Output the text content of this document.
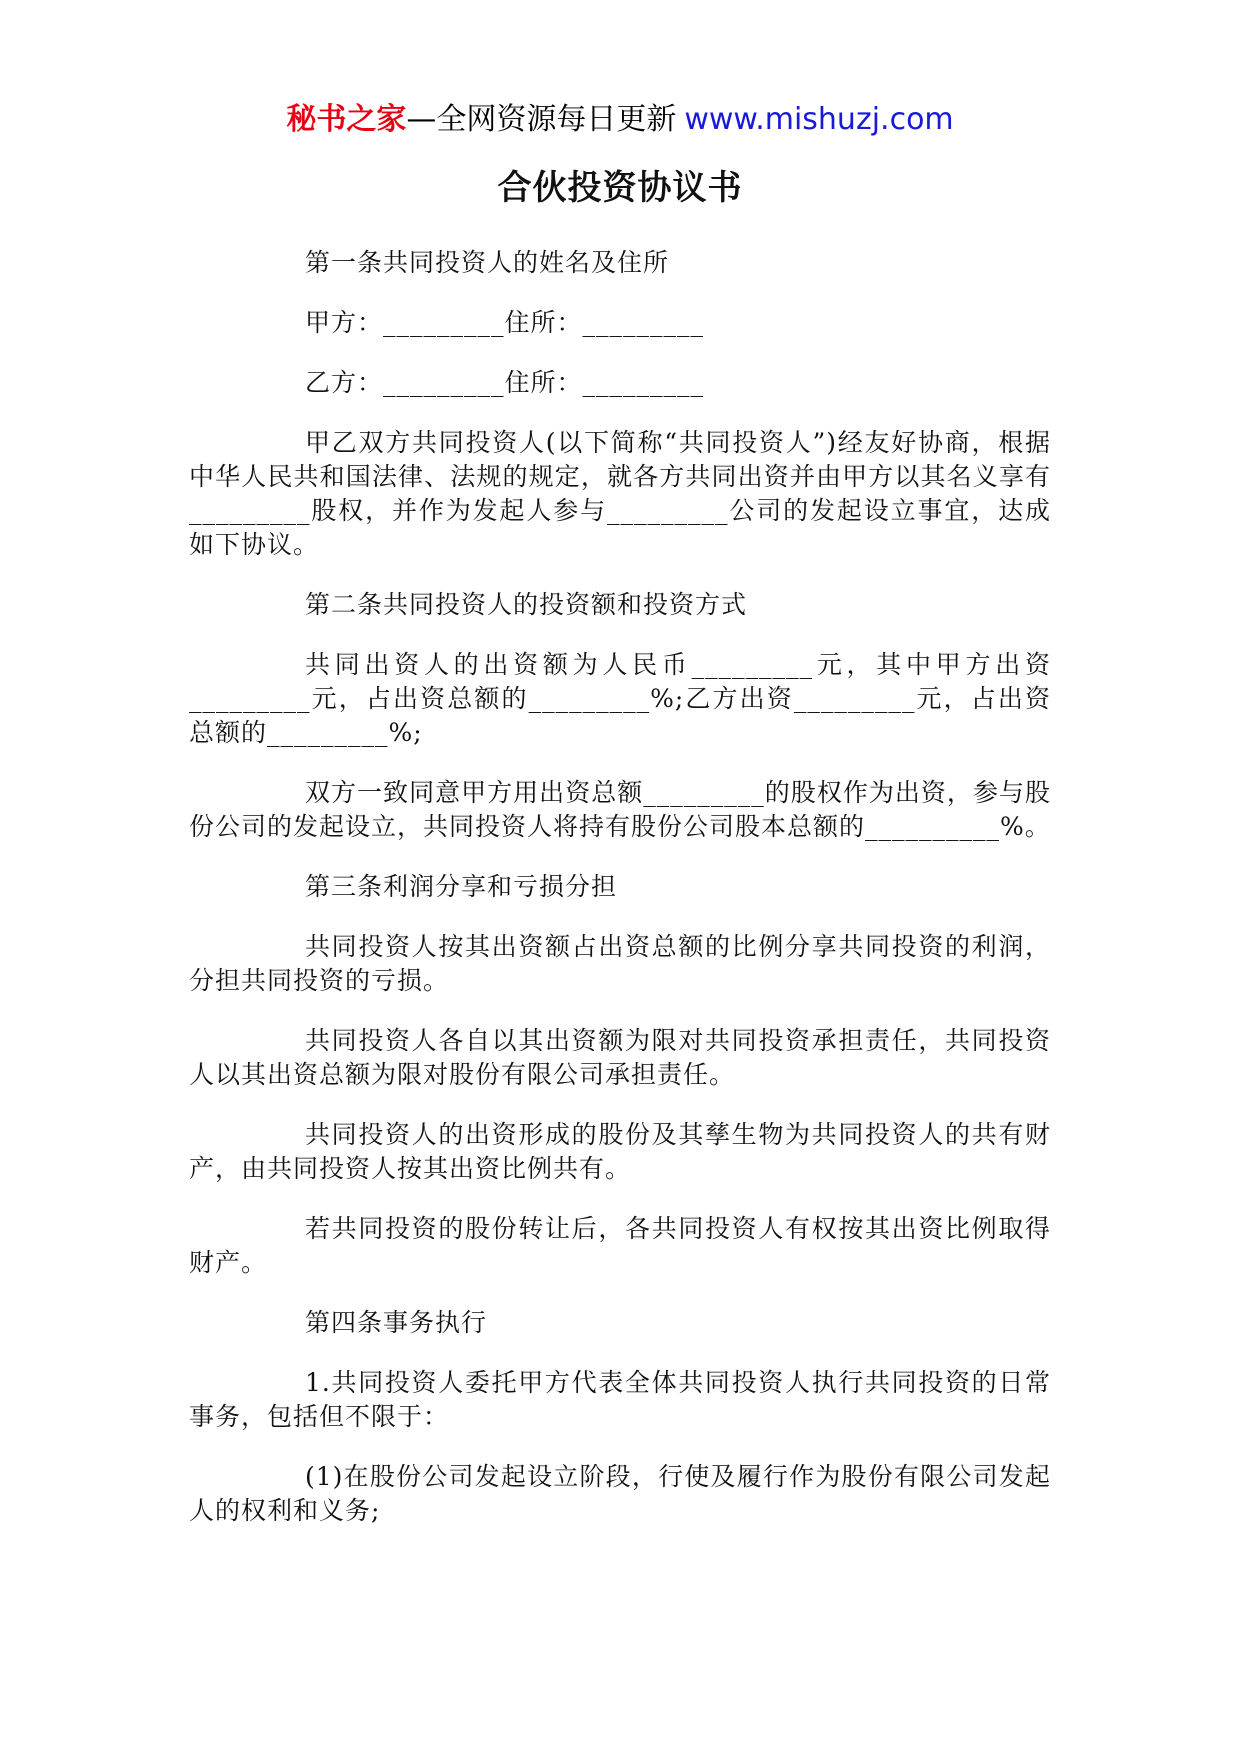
秘书之家—全网资源每日更新 www.mishuzj.com
合伙投资协议书

第一条共同投资人的姓名及住所

甲方：_________住所：_________

乙方：_________住所：_________

甲乙双方共同投资人(以下简称“共同投资人”)经友好协商，根据中华人民共和国法律、法规的规定，就各方共同出资并由甲方以其名义享有_________股权，并作为发起人参与_________公司的发起设立事宜，达成如下协议。

第二条共同投资人的投资额和投资方式

共同出资人的出资额为人民币_________元，其中甲方出资_________元，占出资总额的_________%;乙方出资_________元，占出资总额的_________%;

双方一致同意甲方用出资总额_________的股权作为出资，参与股份公司的发起设立，共同投资人将持有股份公司股本总额的__________%。

第三条利润分享和亏损分担

共同投资人按其出资额占出资总额的比例分享共同投资的利润，分担共同投资的亏损。

共同投资人各自以其出资额为限对共同投资承担责任，共同投资人以其出资总额为限对股份有限公司承担责任。

共同投资人的出资形成的股份及其孳生物为共同投资人的共有财产，由共同投资人按其出资比例共有。

若共同投资的股份转让后，各共同投资人有权按其出资比例取得财产。

第四条事务执行

1.共同投资人委托甲方代表全体共同投资人执行共同投资的日常事务，包括但不限于：

(1)在股份公司发起设立阶段，行使及履行作为股份有限公司发起人的权利和义务;
